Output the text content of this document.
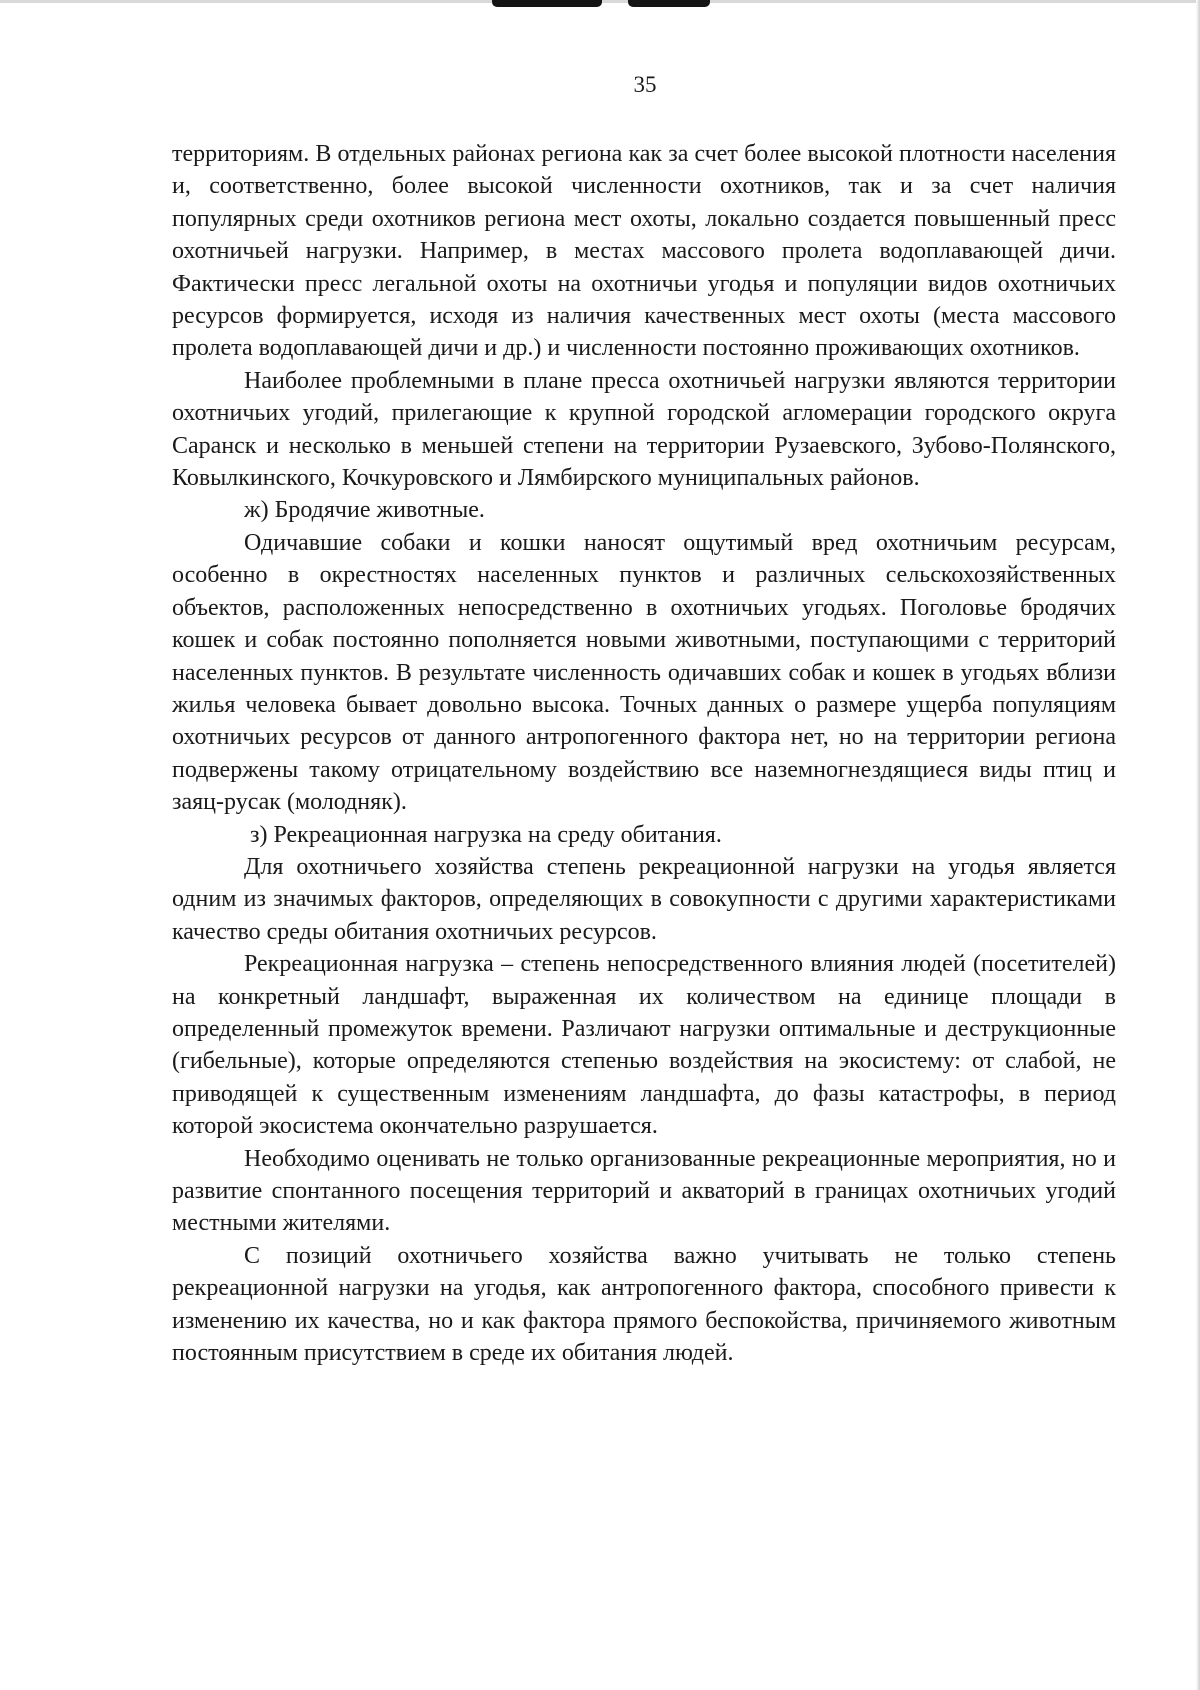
35

территориям. В отдельных районах региона как за счет более высокой плотности населения и, соответственно, более высокой численности охотников, так и за счет наличия популярных среди охотников региона мест охоты, локально создается повышенный пресс охотничьей нагрузки. Например, в местах массового пролета водоплавающей дичи. Фактически пресс легальной охоты на охотничьи угодья и популяции видов охотничьих ресурсов формируется, исходя из наличия качественных мест охоты (места массового пролета водоплавающей дичи и др.) и численности постоянно проживающих охотников.

Наиболее проблемными в плане пресса охотничьей нагрузки являются территории охотничьих угодий, прилегающие к крупной городской агломерации городского округа Саранск и несколько в меньшей степени на территории Рузаевского, Зубово-Полянского, Ковылкинского, Кочкуровского и Лямбирского муниципальных районов.

ж) Бродячие животные.

Одичавшие собаки и кошки наносят ощутимый вред охотничьим ресурсам, особенно в окрестностях населенных пунктов и различных сельскохозяйственных объектов, расположенных непосредственно в охотничьих угодьях. Поголовье бродячих кошек и собак постоянно пополняется новыми животными, поступающими с территорий населенных пунктов. В результате численность одичавших собак и кошек в угодьях вблизи жилья человека бывает довольно высока. Точных данных о размере ущерба популяциям охотничьих ресурсов от данного антропогенного фактора нет, но на территории региона подвержены такому отрицательному воздействию все наземногнездящиеся виды птиц и заяц-русак (молодняк).

з) Рекреационная нагрузка на среду обитания.

Для охотничьего хозяйства степень рекреационной нагрузки на угодья является одним из значимых факторов, определяющих в совокупности с другими характеристиками качество среды обитания охотничьих ресурсов.

Рекреационная нагрузка – степень непосредственного влияния людей (посетителей) на конкретный ландшафт, выраженная их количеством на единице площади в определенный промежуток времени. Различают нагрузки оптимальные и деструкционные (гибельные), которые определяются степенью воздействия на экосистему: от слабой, не приводящей к существенным изменениям ландшафта, до фазы катастрофы, в период которой экосистема окончательно разрушается.

Необходимо оценивать не только организованные рекреационные мероприятия, но и развитие спонтанного посещения территорий и акваторий в границах охотничьих угодий местными жителями.

С позиций охотничьего хозяйства важно учитывать не только степень рекреационной нагрузки на угодья, как антропогенного фактора, способного привести к изменению их качества, но и как фактора прямого беспокойства, причиняемого животным постоянным присутствием в среде их обитания людей.
